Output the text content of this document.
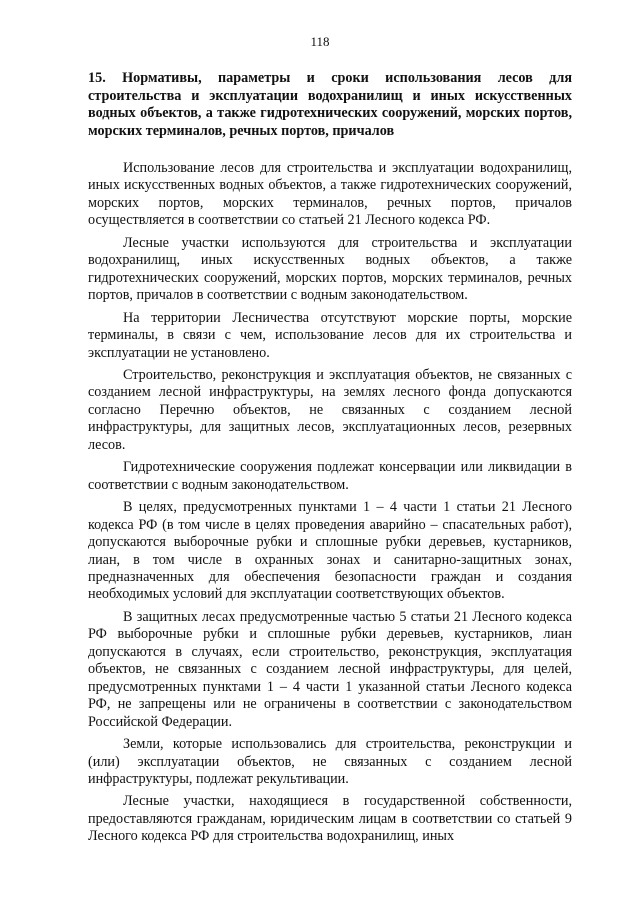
118
15. Нормативы, параметры и сроки использования лесов для строительства и эксплуатации водохранилищ и иных искусственных водных объектов, а также гидротехнических сооружений, морских портов, морских терминалов, речных портов, причалов

Использование лесов для строительства и эксплуатации водохранилищ, иных искусственных водных объектов, а также гидротехнических сооружений, морских портов, морских терминалов, речных портов, причалов осуществляется в соответствии со статьей 21 Лесного кодекса РФ.

Лесные участки используются для строительства и эксплуатации водохранилищ, иных искусственных водных объектов, а также гидротехнических сооружений, морских портов, морских терминалов, речных портов, причалов в соответствии с водным законодательством.

На территории Лесничества отсутствуют морские порты, морские терминалы, в связи с чем, использование лесов для их строительства и эксплуатации не установлено.

Строительство, реконструкция и эксплуатация объектов, не связанных с созданием лесной инфраструктуры, на землях лесного фонда допускаются согласно Перечню объектов, не связанных с созданием лесной инфраструктуры, для защитных лесов, эксплуатационных лесов, резервных лесов.

Гидротехнические сооружения подлежат консервации или ликвидации в соответствии с водным законодательством.

В целях, предусмотренных пунктами 1 – 4 части 1 статьи 21 Лесного кодекса РФ (в том числе в целях проведения аварийно – спасательных работ), допускаются выборочные рубки и сплошные рубки деревьев, кустарников, лиан, в том числе в охранных зонах и санитарно-защитных зонах, предназначенных для обеспечения безопасности граждан и создания необходимых условий для эксплуатации соответствующих объектов.

В защитных лесах предусмотренные частью 5 статьи 21 Лесного кодекса РФ выборочные рубки и сплошные рубки деревьев, кустарников, лиан допускаются в случаях, если строительство, реконструкция, эксплуатация объектов, не связанных с созданием лесной инфраструктуры, для целей, предусмотренных пунктами 1 – 4 части 1 указанной статьи Лесного кодекса РФ, не запрещены или не ограничены в соответствии с законодательством Российской Федерации.

Земли, которые использовались для строительства, реконструкции и (или) эксплуатации объектов, не связанных с созданием лесной инфраструктуры, подлежат рекультивации.

Лесные участки, находящиеся в государственной собственности, предоставляются гражданам, юридическим лицам в соответствии со статьей 9 Лесного кодекса РФ для строительства водохранилищ, иных
